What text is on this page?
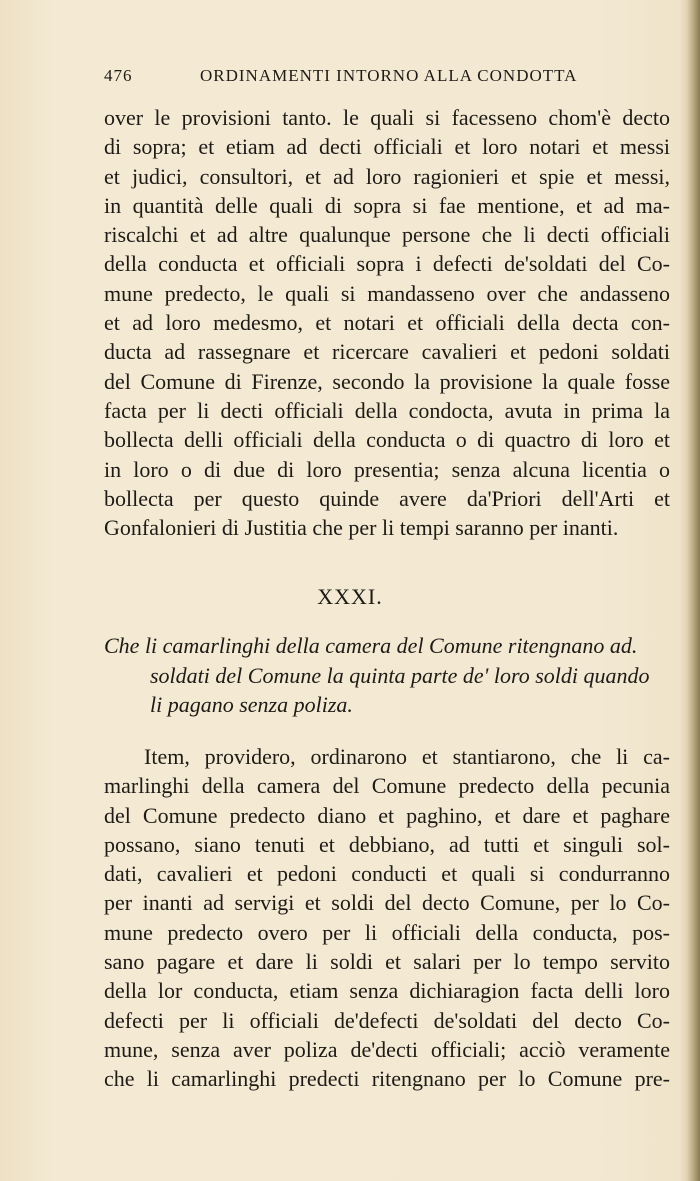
476	ORDINAMENTI INTORNO ALLA CONDOTTA
over le provisioni tanto. le quali si facesseno chom'è decto
di sopra; et etiam ad decti officiali et loro notari et messi
et judici, consultori, et ad loro ragionieri et spie et messi,
in quantità delle quali di sopra si fae mentione, et ad ma-
riscalchi et ad altre qualunque persone che li decti officiali
della conducta et officiali sopra i defecti de'soldati del Co-
mune predecto, le quali si mandasseno over che andasseno
et ad loro medesmo, et notari et officiali della decta con-
ducta ad rassegnare et ricercare cavalieri et pedoni soldati
del Comune di Firenze, secondo la provisione la quale fosse
facta per li decti officiali della condocta, avuta in prima la
bollecta delli officiali della conducta o di quactro di loro et
in loro o di due di loro presentia; senza alcuna licentia o
bollecta per questo quinde avere da'Priori dell'Arti et
Gonfalonieri di Justitia che per li tempi saranno per inanti.
XXXI.
Che li camarlinghi della camera del Comune ritengnano ad.
soldati del Comune la quinta parte de' loro soldi quando
li pagano senza poliza.
Item, providero, ordinarono et stantiarono, che li ca-
marlinghi della camera del Comune predecto della pecunia
del Comune predecto diano et paghino, et dare et paghare
possano, siano tenuti et debbiano, ad tutti et singuli sol-
dati, cavalieri et pedoni conducti et quali si condurranno
per inanti ad servigi et soldi del decto Comune, per lo Co-
mune predecto overo per li officiali della conducta, pos-
sano pagare et dare li soldi et salari per lo tempo servito
della lor conducta, etiam senza dichiaragion facta delli loro
defecti per li officiali de'defecti de'soldati del decto Co-
mune, senza aver poliza de'decti officiali; acciò veramente
che li camarlinghi predecti ritengnano per lo Comune pre-
